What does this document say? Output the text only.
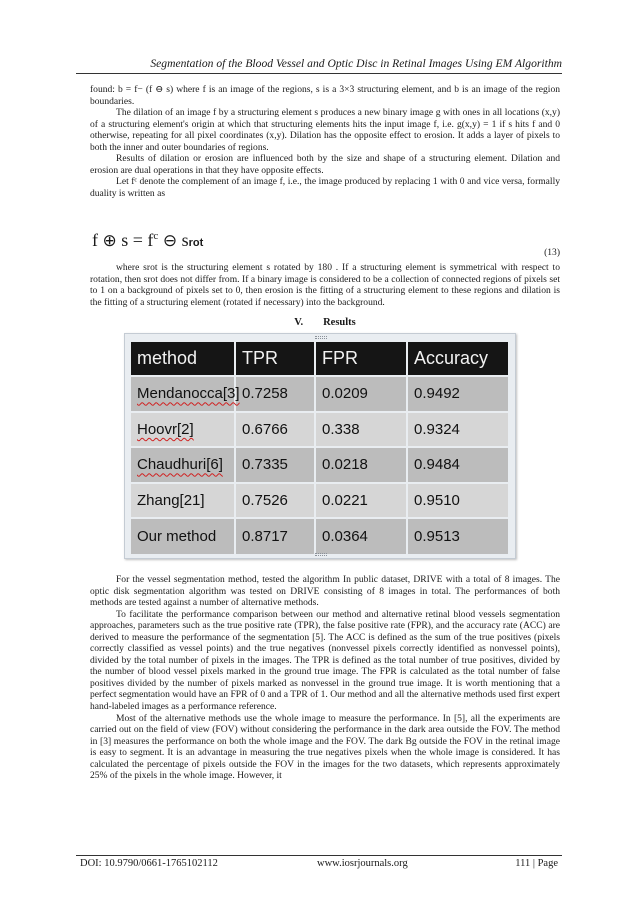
Segmentation of the Blood Vessel and Optic Disc in Retinal Images Using EM Algorithm

found: b = f− (f ⊖ s) where f is an image of the regions, s is a 3×3 structuring element, and b is an image of the region boundaries.

The dilation of an image f by a structuring element s produces a new binary image g with ones in all locations (x,y) of a structuring element's origin at which that structuring elements hits the input image f, i.e. g(x,y) = 1 if s hits f and 0 otherwise, repeating for all pixel coordinates (x,y). Dilation has the opposite effect to erosion. It adds a layer of pixels to both the inner and outer boundaries of regions.

Results of dilation or erosion are influenced both by the size and shape of a structuring element. Dilation and erosion are dual operations in that they have opposite effects.

Let fᶜ denote the complement of an image f, i.e., the image produced by replacing 1 with 0 and vice versa, formally duality is written as

f ⊕ $s = f^c$ ⊖ srot
(13)

where srot is the structuring element s rotated by 180 . If a structuring element is symmetrical with respect to rotation, then srot does not differ from. If a binary image is considered to be a collection of connected regions of pixels set to 1 on a background of pixels set to 0, then erosion is the fitting of a structuring element to these regions and dilation is the fitting of a structuring element (rotated if necessary) into the background.

V. Results
method	TPR	FPR	Accuracy
Mendanocca[3]	0.7258	0.0209	0.9492
Hoovr[2]	0.6766	0.338	0.9324
Chaudhuri[6]	0.7335	0.0218	0.9484
Zhang[21]	0.7526	0.0221	0.9510
Our method	0.8717	0.0364	0.9513

For the vessel segmentation method, tested the algorithm In public dataset, DRIVE with a total of 8 images. The optic disk segmentation algorithm was tested on DRIVE consisting of 8 images in total. The performances of both methods are tested against a number of alternative methods.

To facilitate the performance comparison between our method and alternative retinal blood vessels segmentation approaches, parameters such as the true positive rate (TPR), the false positive rate (FPR), and the accuracy rate (ACC) are derived to measure the performance of the segmentation [5]. The ACC is defined as the sum of the true positives (pixels correctly classified as vessel points) and the true negatives (nonvessel pixels correctly identified as nonvessel points), divided by the total number of pixels in the images. The TPR is defined as the total number of true positives, divided by the number of blood vessel pixels marked in the ground true image. The FPR is calculated as the total number of false positives divided by the number of pixels marked as nonvessel in the ground true image. It is worth mentioning that a perfect segmentation would have an FPR of 0 and a TPR of 1. Our method and all the alternative methods used first expert hand-labeled images as a performance reference.

Most of the alternative methods use the whole image to measure the performance. In [5], all the experiments are carried out on the field of view (FOV) without considering the performance in the dark area outside the FOV. The method in [3] measures the performance on both the whole image and the FOV. The dark Bg outside the FOV in the retinal image is easy to segment. It is an advantage in measuring the true negatives pixels when the whole image is considered. It has calculated the percentage of pixels outside the FOV in the images for the two datasets, which represents approximately 25% of the pixels in the whole image. However, it

DOI: 10.9790/0661-1765102112	www.iosrjournals.org	111 | Page
